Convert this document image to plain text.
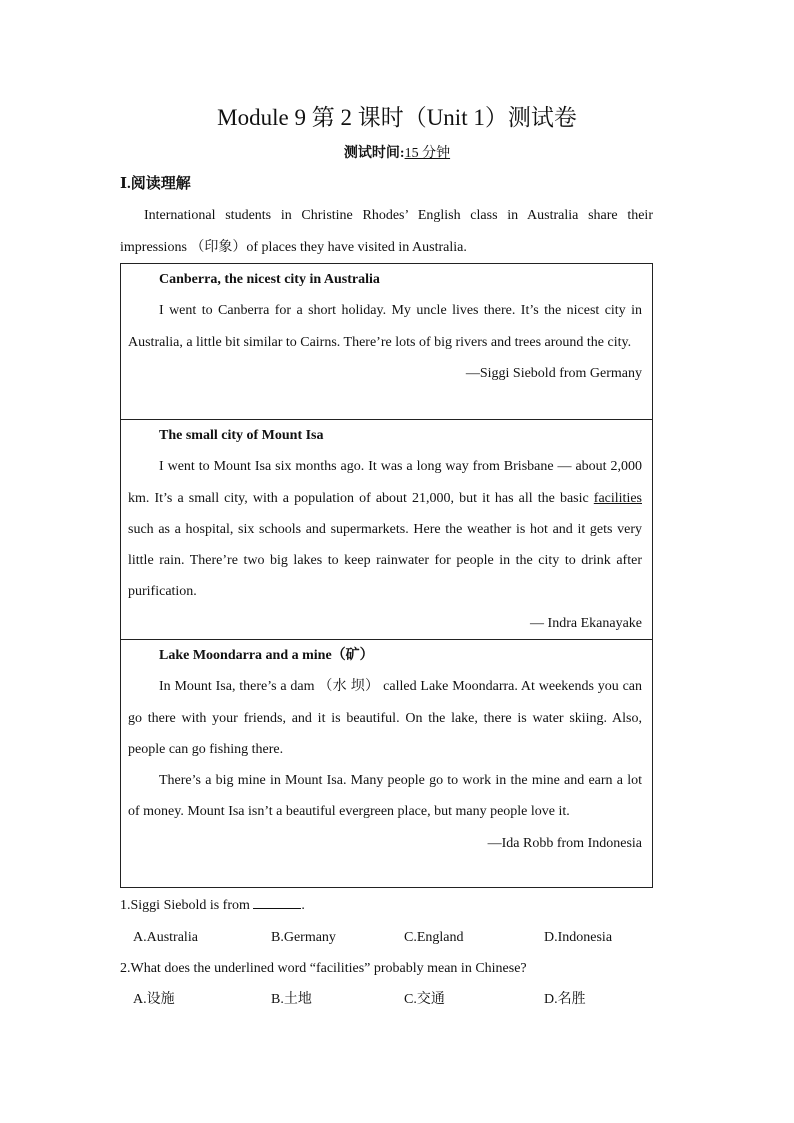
Module 9 第 2 课时（Unit 1）测试卷
测试时间:15 分钟
Ⅰ.阅读理解
International students in Christine Rhodes’ English class in Australia share their impressions （印象）of places they have visited in Australia.
Canberra, the nicest city in Australia

I went to Canberra for a short holiday. My uncle lives there. It’s the nicest city in Australia, a little bit similar to Cairns. There’re lots of big rivers and trees around the city.

—Siggi Siebold from Germany
The small city of Mount Isa

I went to Mount Isa six months ago. It was a long way from Brisbane — about 2,000 km. It’s a small city, with a population of about 21,000, but it has all the basic facilities such as a hospital, six schools and supermarkets. Here the weather is hot and it gets very little rain. There’re two big lakes to keep rainwater for people in the city to drink after purification.

— Indra Ekanayake
Lake Moondarra and a mine（矿）

In Mount Isa, there’s a dam （水 坝） called Lake Moondarra. At weekends you can go there with your friends, and it is beautiful. On the lake, there is water skiing. Also, people can go fishing there.

There’s a big mine in Mount Isa. Many people go to work in the mine and earn a lot of money. Mount Isa isn’t a beautiful evergreen place, but many people love it.

—Ida Robb from Indonesia
1.Siggi Siebold is from	.
A.Australia	B.Germany	C.England	D.Indonesia
2.What does the underlined word “facilities” probably mean in Chinese?
A.设施	B.土地	C.交通	D.名胜
